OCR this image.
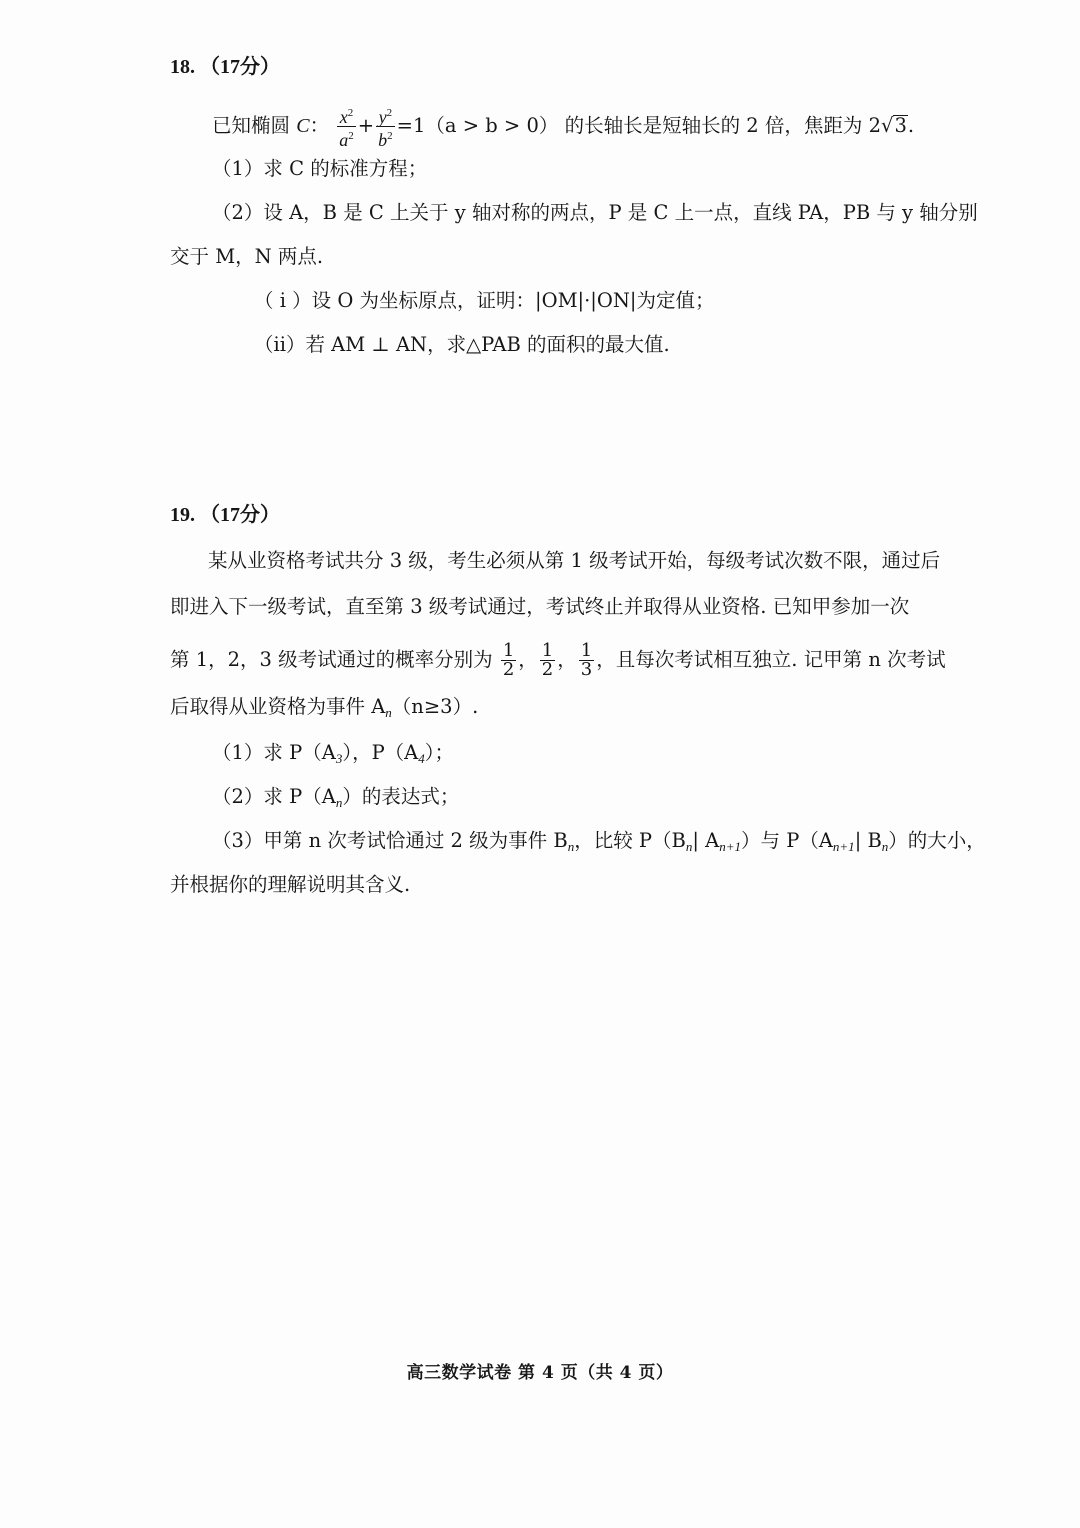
18. （17分）
已知椭圆 C： $\frac{x^2}{a^2} + \frac{y^2}{b^2} =1(a > b > 0)$ 的长轴长是短轴长的 2 倍，焦距为 2√3.
（1）求 C 的标准方程；
（2）设 A，B 是 C 上关于 y 轴对称的两点，P 是 C 上一点，直线 PA，PB 与 y 轴分别
交于 M，N 两点.
（ i ）设 O 为坐标原点，证明：|OM|·|ON|为定值；
（ii）若 AM ⊥ AN，求△PAB 的面积的最大值.
19. （17分）
某从业资格考试共分 3 级，考生必须从第 1 级考试开始，每级考试次数不限，通过后
即进入下一级考试，直至第 3 级考试通过，考试终止并取得从业资格. 已知甲参加一次
第 1，2，3 级考试通过的概率分别为 $\frac{1}{2}$ ， $\frac{1}{2}$ ， $\frac{1}{3}$ ，且每次考试相互独立. 记甲第 n 次考试
后取得从业资格为事件 $A_n(n\ge 3)$.
（1）求 $P(A_3)$，$P(A_4)$；
（2）求 $P(A_n)$的表达式；
（3）甲第 n 次考试恰通过 2 级为事件 $B_n$，比较 $P(B_n|$ $A_{n+1}$）与 $P(A_{n+1}|$ $B_n$）的大小，
并根据你的理解说明其含义.
高三数学试卷 第 4 页（共 4 页）
